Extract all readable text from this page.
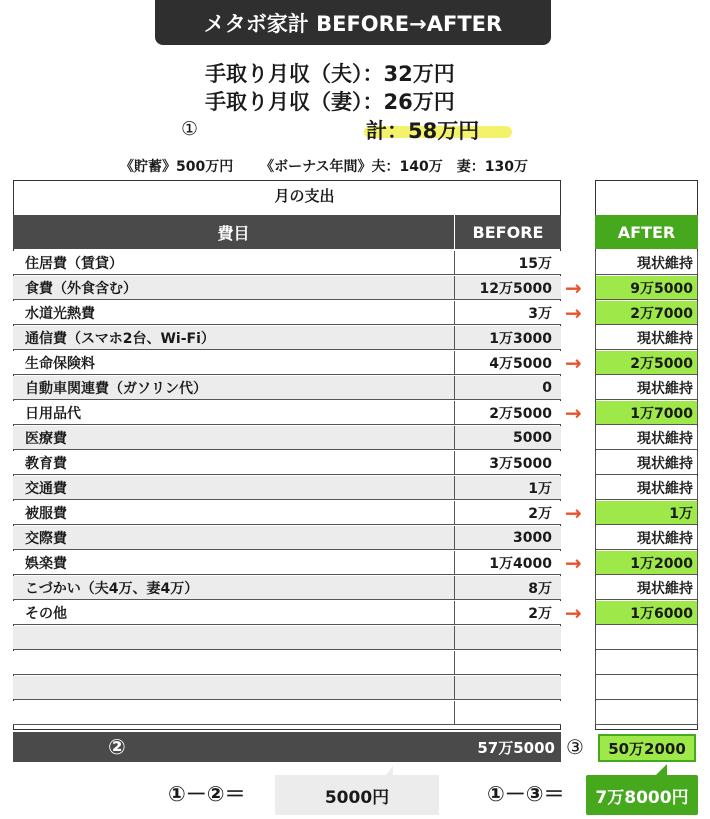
メタボ家計 BEFORE→AFTER
手取り月収（夫）：32万円
手取り月収（妻）：26万円
①	計：58万円
《貯蓄》500万円 《ボーナス年間》夫：140万　妻：130万
月の支出
費目	BEFORE	AFTER
住居費（賃貸）	15万	現状維持
食費（外食含む）	12万5000 →	9万5000
水道光熱費	3万 →	2万7000
通信費（スマホ2台、Wi-Fi）	1万3000	現状維持
生命保険料	4万5000 →	2万5000
自動車関連費（ガソリン代）	0	現状維持
日用品代	2万5000 →	1万7000
医療費	5000	現状維持
教育費	3万5000	現状維持
交通費	1万	現状維持
被服費	2万 →	1万
交際費	3000	現状維持
娯楽費	1万4000 →	1万2000
こづかい（夫4万、妻4万）	8万	現状維持
その他	2万 →	1万6000
②	57万5000 ③	50万2000
①－②＝	5000円	①－③＝	7万8000円
